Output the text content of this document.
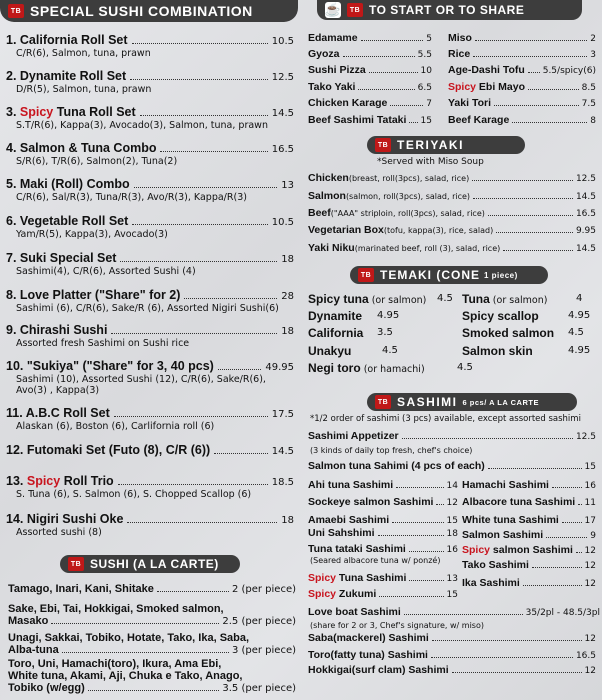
TB SPECIAL SUSHI COMBINATION
1. California Roll Set	10.5
C/R(6), Salmon, tuna, prawn
2. Dynamite Roll Set	12.5
D/R(5), Salmon, tuna, prawn
3. Spicy Tuna Roll Set	14.5
S.T/R(6), Kappa(3), Avocado(3), Salmon, tuna, prawn
4. Salmon & Tuna Combo	16.5
S/R(6), T/R(6), Salmon(2), Tuna(2)
5. Maki (Roll) Combo	13
C/R(6), Sal/R(3), Tuna/R(3), Avo/R(3), Kappa/R(3)
6. Vegetable Roll Set	10.5
Yam/R(5), Kappa(3), Avocado(3)
7. Suki Special Set	18
Sashimi(4), C/R(6), Assorted Sushi (4)
8. Love Platter ("Share" for 2)	28
Sashimi (6), C/R(6), Sake/R (6), Assorted Nigiri Sushi(6)
9. Chirashi Sushi	18
Assorted fresh Sashimi on Sushi rice
10. "Sukiya" ("Share" for 3, 40 pcs)	49.95
Sashimi (10), Assorted Sushi (12), C/R(6), Sake/R(6), Avo(3) , Kappa(3)
11. A.B.C Roll Set	17.5
Alaskan (6), Boston (6), Carlifornia roll (6)
12. Futomaki Set (Futo (8), C/R (6))	14.5
13. Spicy Roll Trio	18.5
S. Tuna (6), S. Salmon (6), S. Chopped Scallop (6)
14. Nigiri Sushi Oke	18
Assorted sushi (8)
TB SUSHI (A LA CARTE)
Tamago, Inari, Kani, Shitake	2 (per piece)
Sake, Ebi, Tai, Hokkigai, Smoked salmon,
Masako	2.5 (per piece)
Unagi, Sakkai, Tobiko, Hotate, Tako, Ika, Saba,
Alba-tuna	3 (per piece)
Toro, Uni, Hamachi(toro), Ikura, Ama Ebi,
White tuna, Akami, Aji, Chuka e Tako, Anago,
Tobiko (w/egg)	3.5 (per piece)
☕	TB TO START OR TO SHARE
Edamame	5
Gyoza	5.5
Sushi Pizza	10
Tako Yaki	6.5
Chicken Karage	7
Beef Sashimi Tataki 15
Miso	2
Rice	3
Age-Dashi Tofu 5.5/spicy(6)
Spicy Ebi Mayo	8.5
Yaki Tori	7.5
Beef Karage	8
TB TERIYAKI
*Served with Miso Soup
Chicken (breast, roll(3pcs), salad, rice)	12.5
Salmon (salmon, roll(3pcs), salad, rice)	14.5
Beef ("AAA" striploin, roll(3pcs), salad, rice)	16.5
Vegetarian Box (tofu, kappa(3), rice, salad)	9.95
Yaki Niku (marinated beef, roll (3), salad, rice)	14.5
TB TEMAKI (CONE 1 piece)
Spicy tuna (or salmon) 4.5
Dynamite 4.95
California 3.5
Unakyu	4.5
Negi toro (or hamachi)	4.5
Tuna (or salmon)	4
Spicy scallop	4.95
Smoked salmon 4.5
Salmon skin	4.95
TB SASHIMI 6 pcs/ A LA CARTE
*1/2 order of sashimi (3 pcs) available, except assorted sashimi
Sashimi Appetizer	12.5
(3 kinds of daily top fresh, chef's choice)
Salmon tuna Sahimi (4 pcs of each)	15
Ahi tuna Sashimi	14
Sockeye salmon Sashimi 12
Amaebi Sashimi	15
Uni Sahshimi	18
Tuna tataki Sashimi	16
(Seared albacore tuna w/ ponzé)
Spicy Tuna Sashimi	13
Spicy Zukumi	15
Hamachi Sashimi	16
Albacore tuna Sashimi 11
White tuna Sashimi	17
Salmon Sashimi	9
Spicy salmon Sashimi 12
Tako Sashimi	12
Ika Sashimi	12
Love boat Sashimi	35/2pl - 48.5/3pl
(share for 2 or 3, Chef's signature, w/ miso)
Saba(mackerel) Sashimi	12
Toro(fatty tuna) Sashimi	16.5
Hokkigai(surf clam) Sashimi	12
